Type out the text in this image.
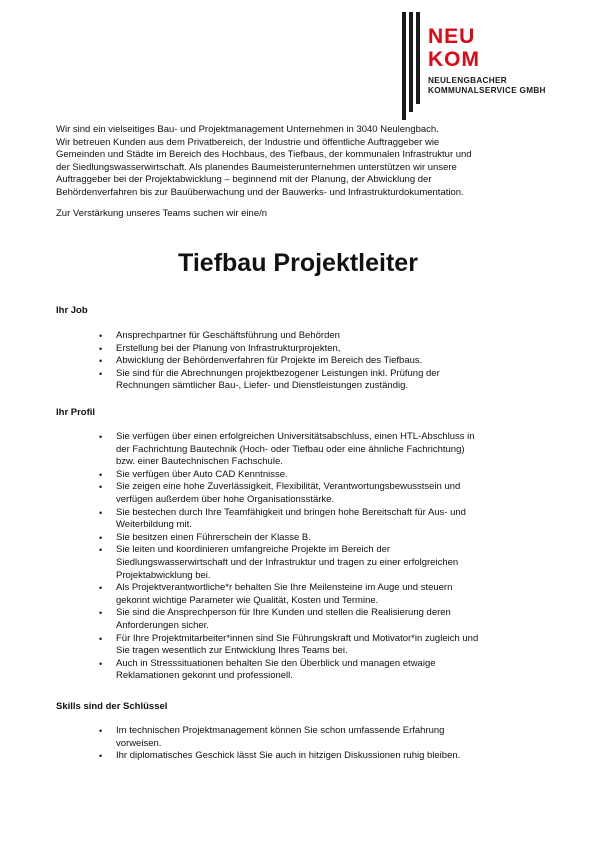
NEU
KOM
NEULENGBACHER
KOMMUNALSERVICE GMBH

Wir sind ein vielseitiges Bau- und Projektmanagement Unternehmen in 3040 Neulengbach.

Wir betreuen Kunden aus dem Privatbereich, der Industrie und öffentliche Auftraggeber wie

Gemeinden und Städte im Bereich des Hochbaus, des Tiefbaus, der kommunalen Infrastruktur und

der Siedlungswasserwirtschaft. Als planendes Baumeisterunternehmen unterstützen wir unsere

Auftraggeber bei der Projektabwicklung – beginnend mit der Planung, der Abwicklung der

Behördenverfahren bis zur Bauüberwachung und der Bauwerks- und Infrastrukturdokumentation.

Zur Verstärkung unseres Teams suchen wir eine/n
Tiefbau Projektleiter
Ihr Job
• Ansprechpartner für Geschäftsführung und Behörden
• Erstellung bei der Planung von Infrastrukturprojekten,
• Abwicklung der Behördenverfahren für Projekte im Bereich des Tiefbaus.
• Sie sind für die Abrechnungen projektbezogener Leistungen inkl. Prüfung der
Rechnungen sämtlicher Bau-, Liefer- und Dienstleistungen zuständig.
Ihr Profil
• Sie verfügen über einen erfolgreichen Universitätsabschluss, einen HTL-Abschluss in
der Fachrichtung Bautechnik (Hoch- oder Tiefbau oder eine ähnliche Fachrichtung)
bzw. einer Bautechnischen Fachschule.
• Sie verfügen über Auto CAD Kenntnisse.
• Sie zeigen eine hohe Zuverlässigkeit, Flexibilität, Verantwortungsbewusstsein und
verfügen außerdem über hohe Organisationsstärke.
• Sie bestechen durch Ihre Teamfähigkeit und bringen hohe Bereitschaft für Aus- und
Weiterbildung mit.
• Sie besitzen einen Führerschein der Klasse B.
• Sie leiten und koordinieren umfangreiche Projekte im Bereich der
Siedlungswasserwirtschaft und der Infrastruktur und tragen zu einer erfolgreichen
Projektabwicklung bei.
• Als Projektverantwortliche*r behalten Sie Ihre Meilensteine im Auge und steuern
gekonnt wichtige Parameter wie Qualität, Kosten und Termine.
• Sie sind die Ansprechperson für Ihre Kunden und stellen die Realisierung deren
Anforderungen sicher.
• Für Ihre Projektmitarbeiter*innen sind Sie Führungskraft und Motivator*in zugleich und
Sie tragen wesentlich zur Entwicklung Ihres Teams bei.
• Auch in Stresssituationen behalten Sie den Überblick und managen etwaige
Reklamationen gekonnt und professionell.
Skills sind der Schlüssel
• Im technischen Projektmanagement können Sie schon umfassende Erfahrung
vorweisen.
• Ihr diplomatisches Geschick lässt Sie auch in hitzigen Diskussionen ruhig bleiben.
